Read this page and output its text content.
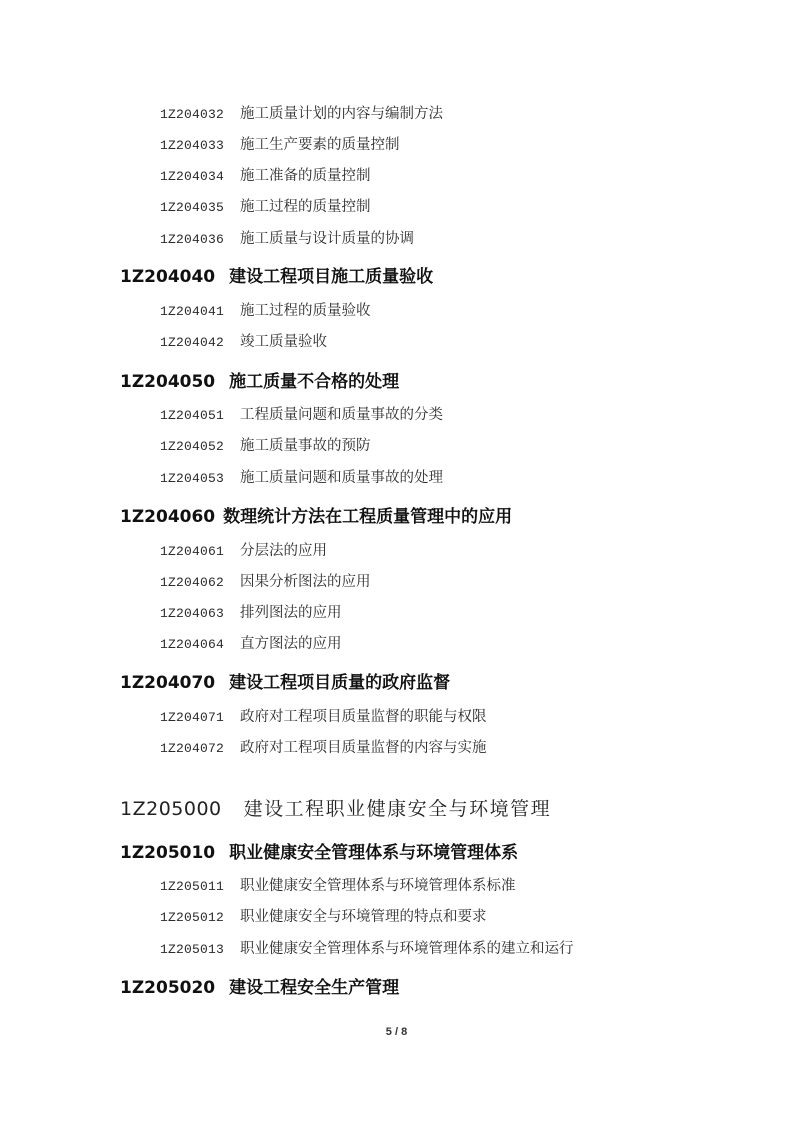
1Z204032 施工质量计划的内容与编制方法
1Z204033 施工生产要素的质量控制
1Z204034 施工准备的质量控制
1Z204035 施工过程的质量控制
1Z204036 施工质量与设计质量的协调
1Z204040 建设工程项目施工质量验收
1Z204041 施工过程的质量验收
1Z204042 竣工质量验收
1Z204050 施工质量不合格的处理
1Z204051 工程质量问题和质量事故的分类
1Z204052 施工质量事故的预防
1Z204053 施工质量问题和质量事故的处理
1Z204060 数理统计方法在工程质量管理中的应用
1Z204061 分层法的应用
1Z204062 因果分析图法的应用
1Z204063 排列图法的应用
1Z204064 直方图法的应用
1Z204070 建设工程项目质量的政府监督
1Z204071 政府对工程项目质量监督的职能与权限
1Z204072 政府对工程项目质量监督的内容与实施
1Z205000 建设工程职业健康安全与环境管理
1Z205010 职业健康安全管理体系与环境管理体系
1Z205011 职业健康安全管理体系与环境管理体系标准
1Z205012 职业健康安全与环境管理的特点和要求
1Z205013 职业健康安全管理体系与环境管理体系的建立和运行
1Z205020 建设工程安全生产管理
5 / 8
